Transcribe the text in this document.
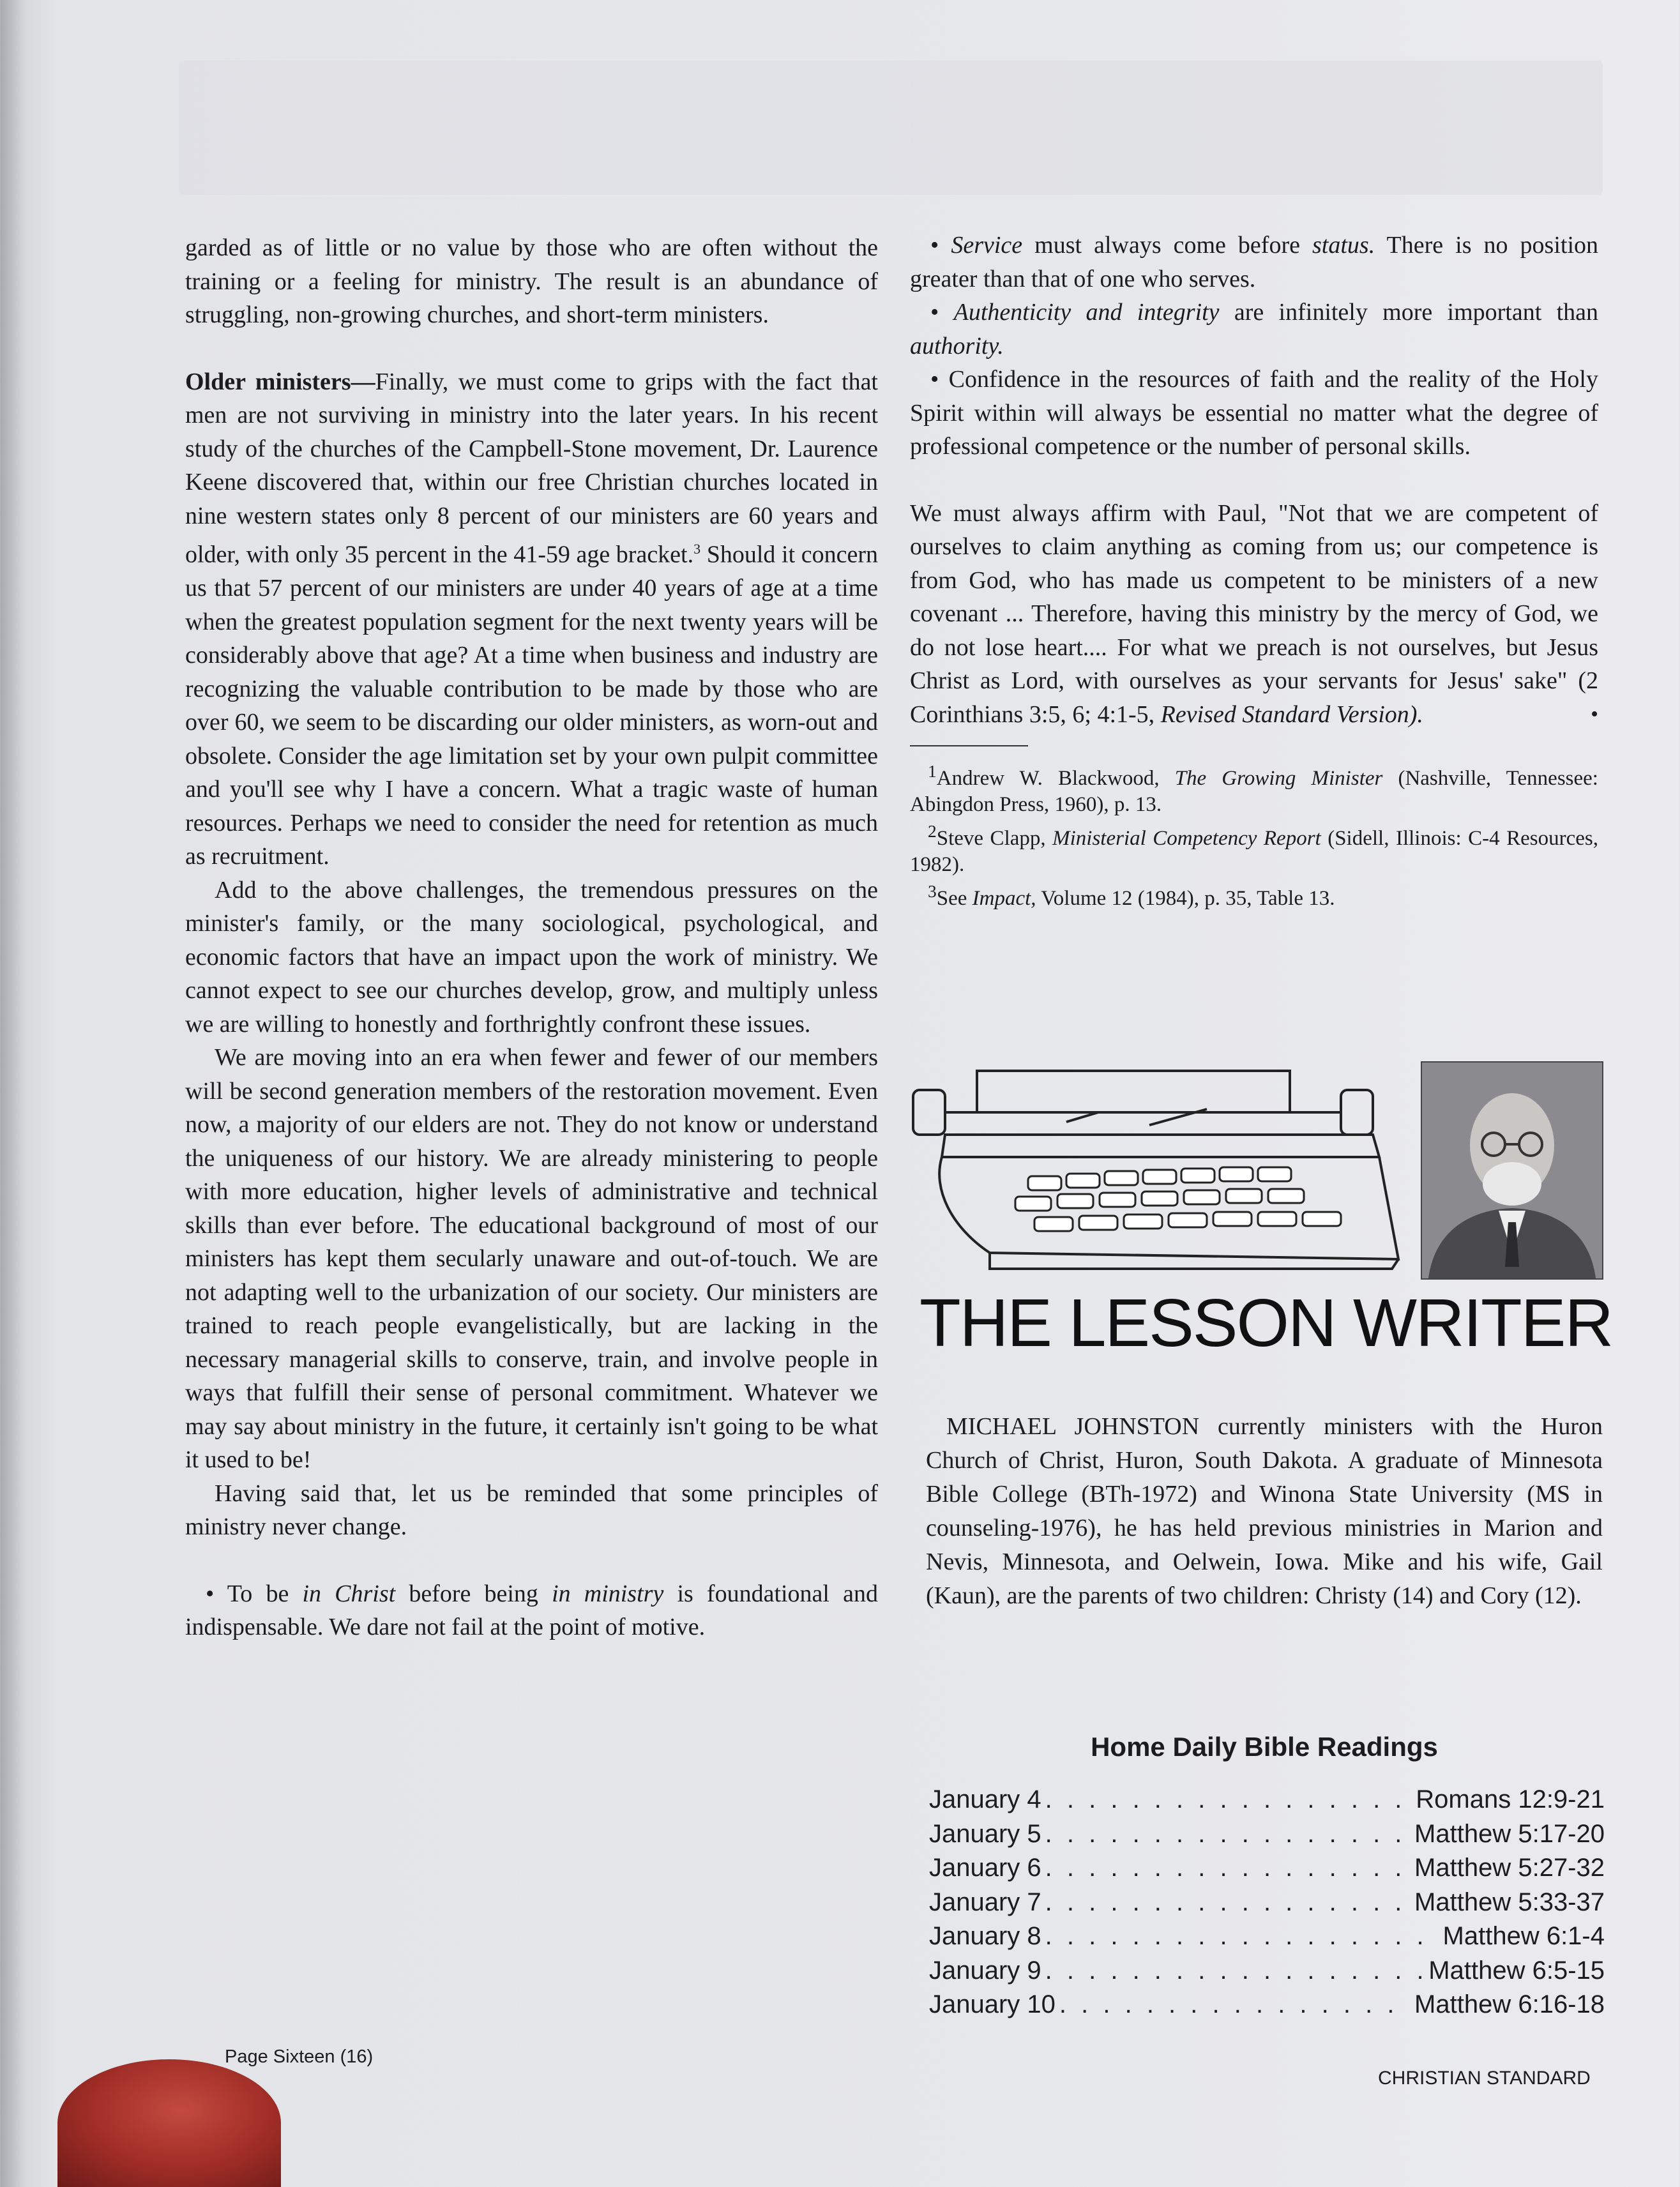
garded as of little or no value by those who are often without the training or a feeling for ministry. The result is an abundance of struggling, non-growing churches, and short-term ministers.

Older ministers—Finally, we must come to grips with the fact that men are not surviving in ministry into the later years. In his recent study of the churches of the Campbell-Stone movement, Dr. Laurence Keene discovered that, within our free Christian churches located in nine western states only 8 percent of our ministers are 60 years and older, with only 35 percent in the 41-59 age bracket.$^3$ Should it concern us that 57 percent of our ministers are under 40 years of age at a time when the greatest population segment for the next twenty years will be considerably above that age? At a time when business and industry are recognizing the valuable contribution to be made by those who are over 60, we seem to be discarding our older ministers, as worn-out and obsolete. Consider the age limitation set by your own pulpit committee and you'll see why I have a concern. What a tragic waste of human resources. Perhaps we need to consider the need for retention as much as recruitment.

Add to the above challenges, the tremendous pressures on the minister's family, or the many sociological, psychological, and economic factors that have an impact upon the work of ministry. We cannot expect to see our churches develop, grow, and multiply unless we are willing to honestly and forthrightly confront these issues.

We are moving into an era when fewer and fewer of our members will be second generation members of the restoration movement. Even now, a majority of our elders are not. They do not know or understand the uniqueness of our history. We are already ministering to people with more education, higher levels of administrative and technical skills than ever before. The educational background of most of our ministers has kept them secularly unaware and out-of-touch. We are not adapting well to the urbanization of our society. Our ministers are trained to reach people evangelistically, but are lacking in the necessary managerial skills to conserve, train, and involve people in ways that fulfill their sense of personal commitment. Whatever we may say about ministry in the future, it certainly isn't going to be what it used to be!

Having said that, let us be reminded that some principles of ministry never change.

• To be in Christ before being in ministry is foundational and indispensable. We dare not fail at the point of motive.

• Service must always come before status. There is no position greater than that of one who serves.

• Authenticity and integrity are infinitely more important than authority.

• Confidence in the resources of faith and the reality of the Holy Spirit within will always be essential no matter what the degree of professional competence or the number of personal skills.

We must always affirm with Paul, "Not that we are competent of ourselves to claim anything as coming from us; our competence is from God, who has made us competent to be ministers of a new covenant ... Therefore, having this ministry by the mercy of God, we do not lose heart.... For what we preach is not ourselves, but Jesus Christ as Lord, with ourselves as your servants for Jesus' sake" (2 Corinthians 3:5, 6; 4:1-5, Revised Standard Version).	•

$^1$Andrew W. Blackwood, The Growing Minister (Nashville, Tennessee: Abingdon Press, 1960), p. 13.

$^2$Steve Clapp, Ministerial Competency Report (Sidell, Illinois: C-4 Resources, 1982).

$^3$See Impact, Volume 12 (1984), p. 35, Table 13.

THE LESSON WRITER

MICHAEL JOHNSTON currently ministers with the Huron Church of Christ, Huron, South Dakota. A graduate of Minnesota Bible College (BTh-1972) and Winona State University (MS in counseling-1976), he has held previous ministries in Marion and Nevis, Minnesota, and Oelwein, Iowa. Mike and his wife, Gail (Kaun), are the parents of two children: Christy (14) and Cory (12).

Home Daily Bible Readings
January 4 . . .	Romans 12:9-21
January 5 . . .	Matthew 5:17-20
January 6 . . .	Matthew 5:27-32
January 7 . . .	Matthew 5:33-37
January 8 . . .	Matthew 6:1-4
January 9 . . .	Matthew 6:5-15
January 10 . . .	Matthew 6:16-18
Page Sixteen (16)
CHRISTIAN STANDARD
